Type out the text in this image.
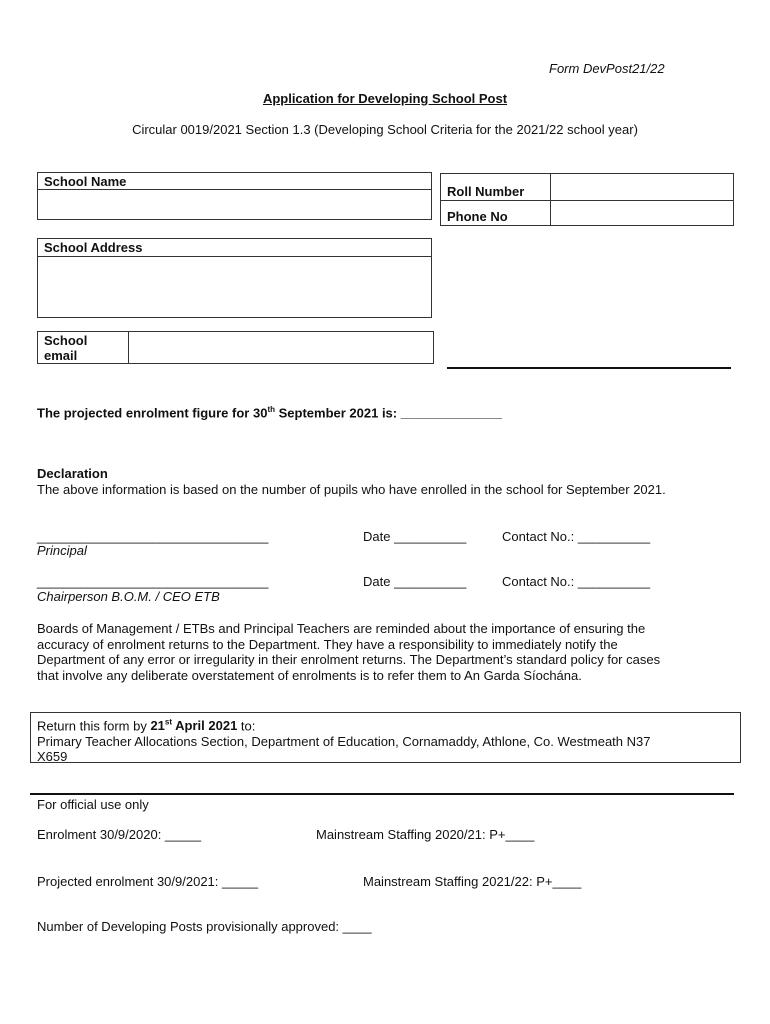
Form DevPost21/22
Application for Developing School Post
Circular 0019/2021 Section 1.3 (Developing School Criteria for the 2021/22 school year)
School Name
Roll Number
Phone No
School Address
School
email
The projected enrolment figure for 30th September 2021 is: ______________
Declaration
The above information is based on the number of pupils who have enrolled in the school for September 2021.
________________________________
Principal
Date __________	Contact No.: __________
________________________________
Chairperson B.O.M. / CEO ETB
Date __________	Contact No.: __________
Boards of Management / ETBs and Principal Teachers are reminded about the importance of ensuring the
accuracy of enrolment returns to the Department. They have a responsibility to immediately notify the
Department of any error or irregularity in their enrolment returns. The Department’s standard policy for cases
that involve any deliberate overstatement of enrolments is to refer them to An Garda Síochána.
Return this form by 21st April 2021 to:
Primary Teacher Allocations Section, Department of Education, Cornamaddy, Athlone, Co. Westmeath N37
X659
For official use only
Enrolment 30/9/2020: _____	Mainstream Staffing 2020/21: P+____
Projected enrolment 30/9/2021: _____	Mainstream Staffing 2021/22: P+____
Number of Developing Posts provisionally approved: ____
